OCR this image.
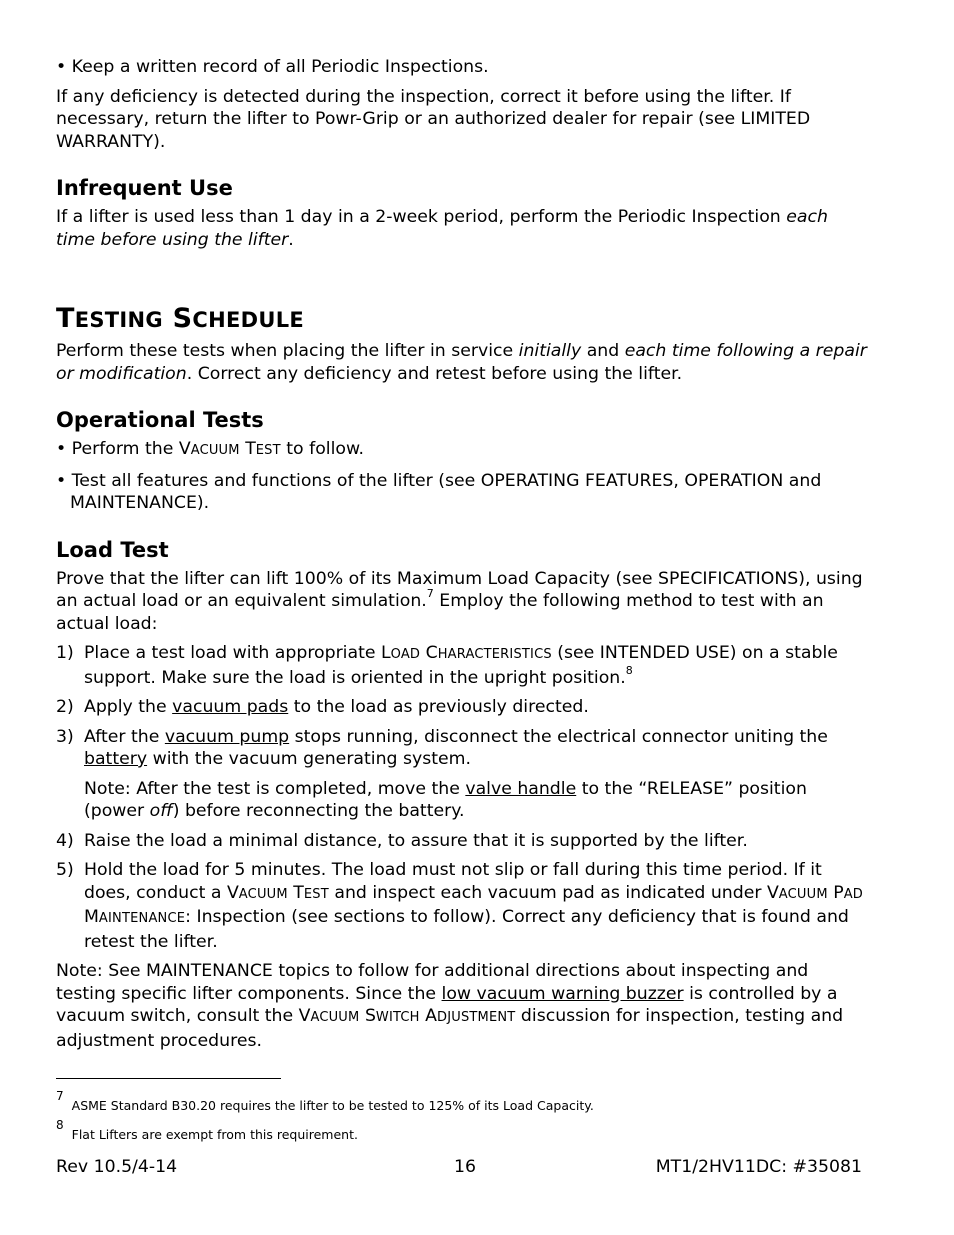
• Keep a written record of all Periodic Inspections.

If any deficiency is detected during the inspection, correct it before using the lifter. If necessary, return the lifter to Powr-Grip or an authorized dealer for repair (see LIMITED WARRANTY).

Infrequent Use

If a lifter is used less than 1 day in a 2-week period, perform the Periodic Inspection each time before using the lifter.

TESTING SCHEDULE

Perform these tests when placing the lifter in service initially and each time following a repair or modification. Correct any deficiency and retest before using the lifter.

Operational Tests

• Perform the VACUUM TEST to follow.

• Test all features and functions of the lifter (see OPERATING FEATURES, OPERATION and MAINTENANCE).

Load Test

Prove that the lifter can lift 100% of its Maximum Load Capacity (see SPECIFICATIONS), using an actual load or an equivalent simulation.$^7$ Employ the following method to test with an actual load:

1) Place a test load with appropriate LOAD CHARACTERISTICS (see INTENDED USE) on a stable support. Make sure the load is oriented in the upright position.$^8$
2) Apply the vacuum pads to the load as previously directed.
3) After the vacuum pump stops running, disconnect the electrical connector uniting the battery with the vacuum generating system.

Note: After the test is completed, move the valve handle to the “RELEASE” position (power off) before reconnecting the battery.

4) Raise the load a minimal distance, to assure that it is supported by the lifter.
5) Hold the load for 5 minutes. The load must not slip or fall during this time period. If it does, conduct a VACUUM TEST and inspect each vacuum pad as indicated under VACUUM PAD MAINTENANCE: Inspection (see sections to follow). Correct any deficiency that is found and retest the lifter.

Note: See MAINTENANCE topics to follow for additional directions about inspecting and testing specific lifter components. Since the low vacuum warning buzzer is controlled by a vacuum switch, consult the VACUUM SWITCH ADJUSTMENT discussion for inspection, testing and adjustment procedures.

$^7$ASME Standard B30.20 requires the lifter to be tested to 125% of its Load Capacity.

$^8$Flat Lifters are exempt from this requirement.

Rev 10.5/4-14	16	MT1/2HV11DC: #35081
